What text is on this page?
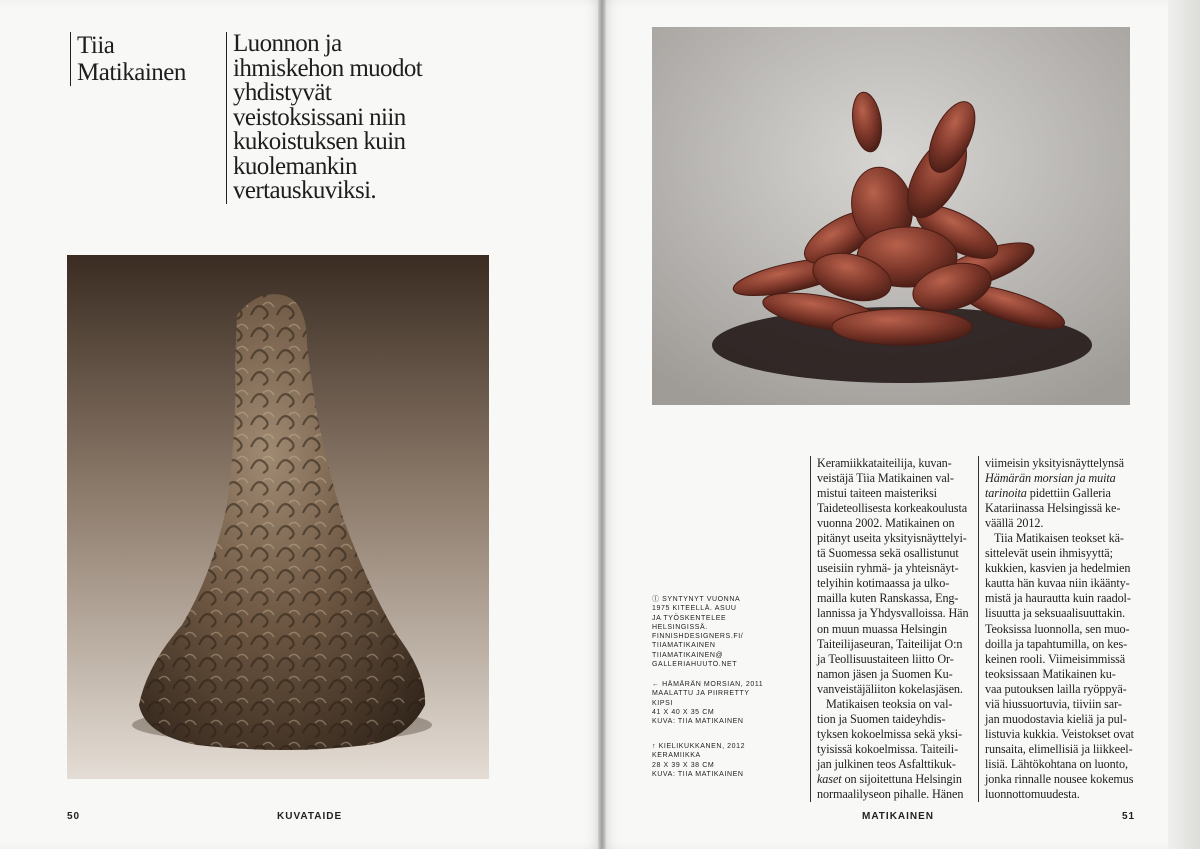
Tiia
Matikainen
Luonnon ja ihmiskehon muodot yhdistyvät veistoksissani niin kukoistuksen kuin kuolemankin vertauskuviksi.
50	KUVATAIDE
Ⓘ SYNTYNYT VUONNA
1975 KITEELLÄ. ASUU
JA TYÖSKENTELEE
HELSINGISSÄ.
FINNISHDESIGNERS.FI/
TIIAMATIKAINEN
TIIAMATIKAINEN@
GALLERIAHUUTO.NET
← HÄMÄRÄN MORSIAN, 2011
MAALATTU JA PIIRRETTY
KIPSI
41 X 40 X 35 CM
KUVA: TIIA MATIKAINEN
↑ KIELIKUKKANEN, 2012
KERAMIIKKA
28 X 39 X 38 CM
KUVA: TIIA MATIKAINEN
Keramiikkataiteilija, kuvan-
veistäjä Tiia Matikainen val-
mistui taiteen maisteriksi
Taideteollisesta korkeakoulusta
vuonna 2002. Matikainen on
pitänyt useita yksityisnäyttelyi-
tä Suomessa sekä osallistunut
useisiin ryhmä- ja yhteisnäyt-
telyihin kotimaassa ja ulko-
mailla kuten Ranskassa, Eng-
lannissa ja Yhdysvalloissa. Hän
on muun muassa Helsingin
Taiteilijaseuran, Taiteilijat O:n
ja Teollisuustaiteen liitto Or-
namon jäsen ja Suomen Ku-
vanveistäjäliiton kokelasjäsen.
Matikaisen teoksia on val-
tion ja Suomen taideyhdis-
tyksen kokoelmissa sekä yksi-
tyisissä kokoelmissa. Taiteili-
jan julkinen teos Asfalttikuk-
kaset on sijoitettuna Helsingin
normaalilyseon pihalle. Hänen
viimeisin yksityisnäyttelynsä
Hämärän morsian ja muita
tarinoita pidettiin Galleria
Katariinassa Helsingissä ke-
väällä 2012.
Tiia Matikaisen teokset kä-
sittelevät usein ihmisyyttä;
kukkien, kasvien ja hedelmien
kautta hän kuvaa niin ikäänty-
mistä ja haurautta kuin raadol-
lisuutta ja seksuaalisuuttakin.
Teoksissa luonnolla, sen muo-
doilla ja tapahtumilla, on kes-
keinen rooli. Viimeisimmissä
teoksissaan Matikainen ku-
vaa putouksen lailla ryöppyä-
viä hiussuortuvia, tiiviin sar-
jan muodostavia kieliä ja pul-
listuvia kukkia. Veistokset ovat
runsaita, elimellisiä ja liikkeel-
lisiä. Lähtökohtana on luonto,
jonka rinnalle nousee kokemus
luonnottomuudesta.
MATIKAINEN	51
